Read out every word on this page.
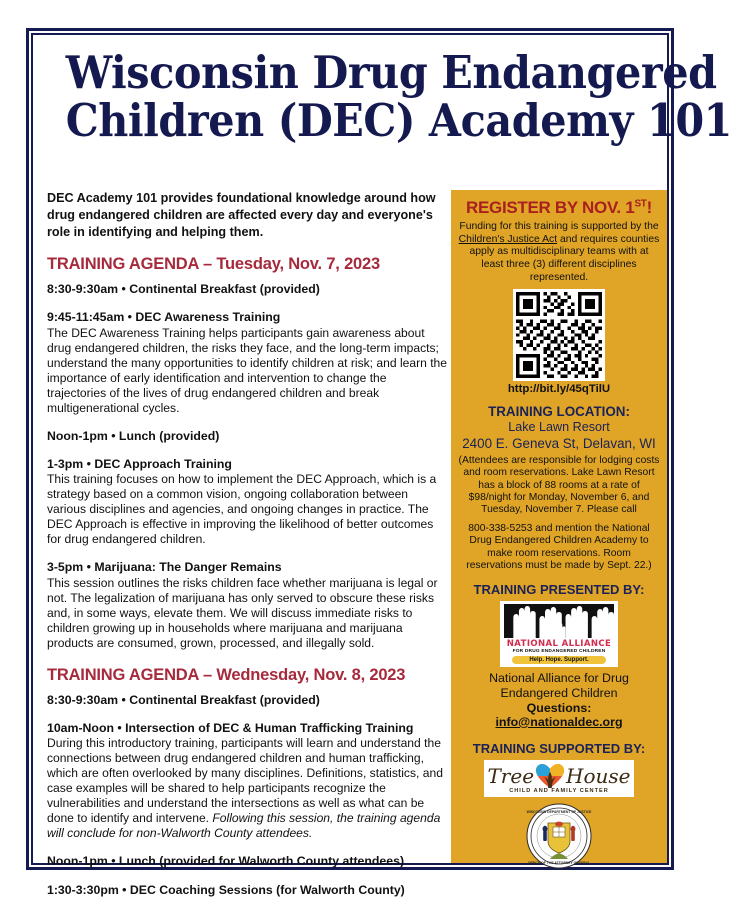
Wisconsin Drug Endangered
Children (DEC) Academy 101

DEC Academy 101 provides foundational knowledge around how drug endangered children are affected every day and everyone's role in identifying and helping them.

TRAINING AGENDA – Tuesday, Nov. 7, 2023
8:30-9:30am • Continental Breakfast (provided)
9:45-11:45am • DEC Awareness Training
The DEC Awareness Training helps participants gain awareness about drug endangered children, the risks they face, and the long-term impacts; understand the many opportunities to identify children at risk; and learn the importance of early identification and intervention to change the trajectories of the lives of drug endangered children and break multigenerational cycles.
Noon-1pm • Lunch (provided)
1-3pm • DEC Approach Training
This training focuses on how to implement the DEC Approach, which is a strategy based on a common vision, ongoing collaboration between various disciplines and agencies, and ongoing changes in practice. The DEC Approach is effective in improving the likelihood of better outcomes for drug endangered children.
3-5pm • Marijuana: The Danger Remains
This session outlines the risks children face whether marijuana is legal or not. The legalization of marijuana has only served to obscure these risks and, in some ways, elevate them. We will discuss immediate risks to children growing up in households where marijuana and marijuana products are consumed, grown, processed, and illegally sold.
TRAINING AGENDA – Wednesday, Nov. 8, 2023
8:30-9:30am • Continental Breakfast (provided)
10am-Noon • Intersection of DEC & Human Trafficking Training
During this introductory training, participants will learn and understand the connections between drug endangered children and human trafficking, which are often overlooked by many disciplines. Definitions, statistics, and case examples will be shared to help participants recognize the vulnerabilities and understand the intersections as well as what can be done to identify and intervene. Following this session, the training agenda will conclude for non-Walworth County attendees.
Noon-1pm • Lunch (provided for Walworth County attendees)
1:30-3:30pm • DEC Coaching Sessions (for Walworth County)
REGISTER BY NOV. 1ST!
Funding for this training is supported by the Children's Justice Act and requires counties apply as multidisciplinary teams with at least three (3) different disciplines represented.
http://bit.ly/45qTilU
TRAINING LOCATION:
Lake Lawn Resort
2400 E. Geneva St, Delavan, WI
(Attendees are responsible for lodging costs and room reservations. Lake Lawn Resort has a block of 88 rooms at a rate of $98/night for Monday, November 6, and Tuesday, November 7. Please call
800-338-5253 and mention the National Drug Endangered Children Academy to make room reservations. Room reservations must be made by Sept. 22.)
TRAINING PRESENTED BY:
NATIONAL ALLIANCE
FOR DRUG ENDANGERED CHILDREN
Help. Hope. Support.
National Alliance for Drug Endangered Children
Questions:
info@nationaldec.org
TRAINING SUPPORTED BY:
Tree House
CHILD AND FAMILY CENTER
WISCONSIN DEPARTMENT OF JUSTICE
OFFICE OF THE ATTORNEY GENERAL
